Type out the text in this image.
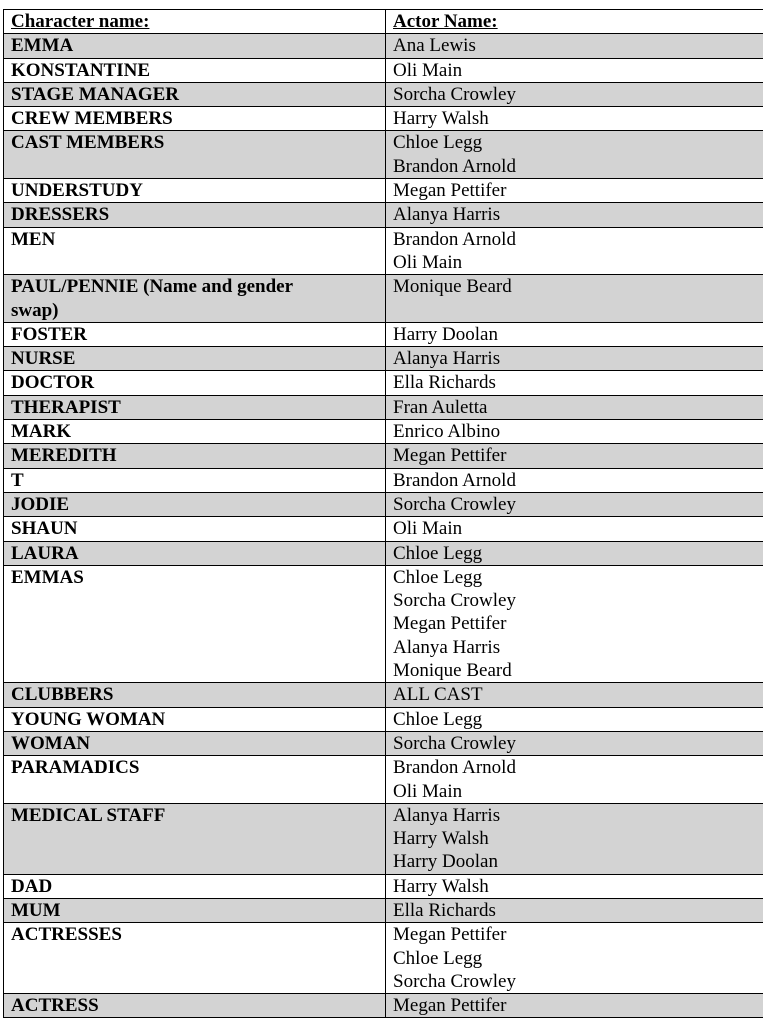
Character name:	Actor Name:
EMMA	Ana Lewis

KONSTANTINE	Oli Main

STAGE MANAGER	Sorcha Crowley

CREW MEMBERS	Harry Walsh

CAST MEMBERS	Chloe Legg
Brandon Arnold

UNDERSTUDY	Megan Pettifer

DRESSERS	Alanya Harris

MEN	Brandon Arnold
Oli Main

PAUL/PENNIE (Name and gender
swap)	Monique Beard

FOSTER	Harry Doolan

NURSE	Alanya Harris

DOCTOR	Ella Richards

THERAPIST	Fran Auletta

MARK	Enrico Albino

MEREDITH	Megan Pettifer

T	Brandon Arnold

JODIE	Sorcha Crowley

SHAUN	Oli Main

LAURA	Chloe Legg

EMMAS	Chloe Legg
Sorcha Crowley
Megan Pettifer
Alanya Harris
Monique Beard

CLUBBERS	ALL CAST

YOUNG WOMAN	Chloe Legg

WOMAN	Sorcha Crowley

PARAMADICS	Brandon Arnold
Oli Main

MEDICAL STAFF	Alanya Harris
Harry Walsh
Harry Doolan

DAD	Harry Walsh

MUM	Ella Richards

ACTRESSES	Megan Pettifer
Chloe Legg
Sorcha Crowley

ACTRESS	Megan Pettifer
